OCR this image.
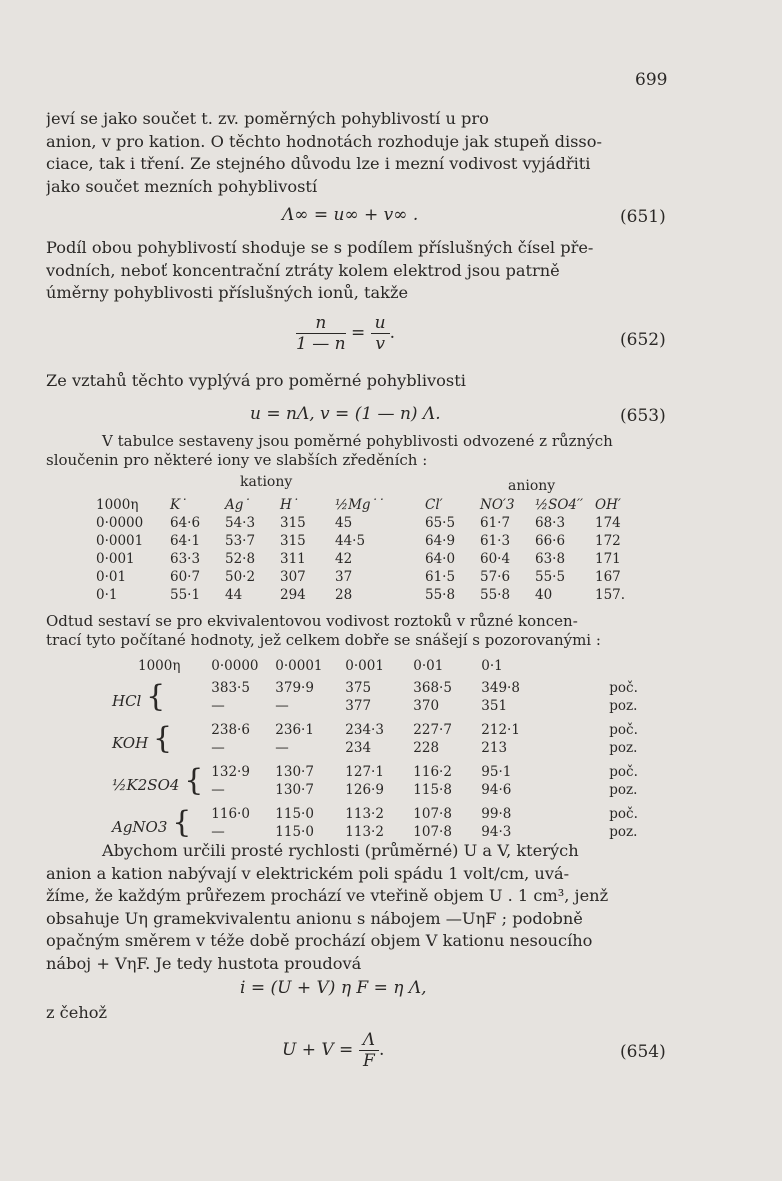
699
jeví se jako součet t. zv. poměrných pohyblivostí u pro
anion, v pro kation. O těchto hodnotách rozhoduje jak stupeň disso-
ciace, tak i tření. Ze stejného důvodu lze i mezní vodivost vyjádřiti
jako součet mezních pohyblivostí
Λ∞ = u∞ + v∞ .	(651)
Podíl obou pohyblivostí shoduje se s podílem příslušných čísel pře-
vodních, neboť koncentrační ztráty kolem elektrod jsou patrně
úměrny pohyblivosti příslušných ionů, takže
$\frac{n}{1 — n} = \frac{u}{v}$ .	(652)
Ze vztahů těchto vyplývá pro poměrné pohyblivosti
u = nΛ, v = (1 — n) Λ.	(653)
V tabulce sestaveny jsou poměrné pohyblivosti odvozené z různých
sloučenin pro některé iony ve slabších zředěních :
kationy	aniony
1000η	K˙	Ag˙	H˙	½Mg˙˙	Cl′	NO′3	½SO4′′	OH′
0·0000	64·6	54·3	315	45	65·5	61·7	68·3	174
0·0001	64·1	53·7	315	44·5	64·9	61·3	66·6	172
0·001	63·3	52·8	311	42	64·0	60·4	63·8	171
0·01	60·7	50·2	307	37	61·5	57·6	55·5	167
0·1	55·1	44	294	28	55·8	55·8	40	157.
Odtud sestaví se pro ekvivalentovou vodivost roztoků v různé koncen-
trací tyto počítané hodnoty, jež celkem dobře se snášejí s pozorovanými :
1000η	0·0000	0·0001	0·001	0·01	0·1		

HCl {	383·5	379·9	375	368·5	349·8		poč.
	—	—	377	370	351		poz.

KOH {	238·6	236·1	234·3	227·7	212·1		poč.
	—	—	234	228	213		poz.

½K2SO4 {	132·9	130·7	127·1	116·2	95·1		poč.
	—	130·7	126·9	115·8	94·6		poz.

AgNO3 {	116·0	115·0	113·2	107·8	99·8		poč.
	—	115·0	113·2	107·8	94·3		poz.
Abychom určili prosté rychlosti (průměrné) U a V, kterých
anion a kation nabývají v elektrickém poli spádu 1 volt/cm, uvá-
žíme, že každým průřezem prochází ve vteřině objem U . 1 cm³, jenž
obsahuje Uη gramekvivalentu anionu s nábojem —UηF ; podobně
opačným směrem v téže době prochází objem V kationu nesoucího
náboj + VηF. Je tedy hustota proudová
i = (U + V) η F = η Λ,
z čehož
$U + V = \frac{\Lambda}{F}$ .	(654)
